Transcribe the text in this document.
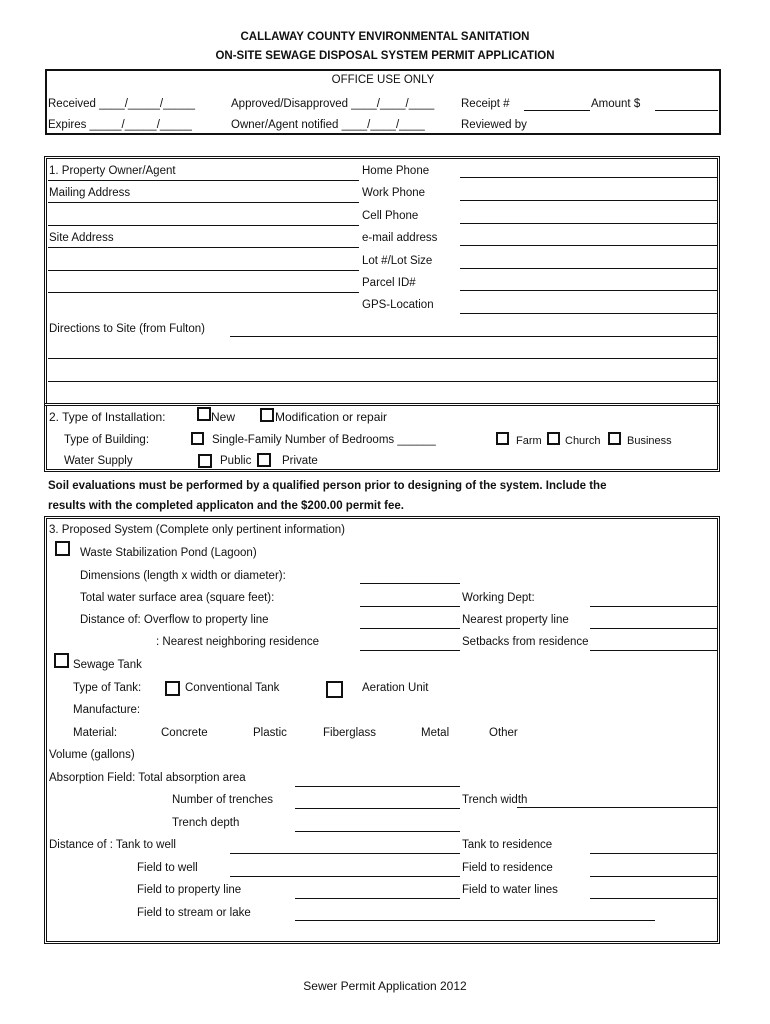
CALLAWAY COUNTY ENVIRONMENTAL SANITATION
ON-SITE SEWAGE DISPOSAL SYSTEM PERMIT APPLICATION
OFFICE USE ONLY
Received ____/_____/_____	Approved/Disapproved ____/____/____ Receipt #	Amount $
Expires _____/_____/_____	Owner/Agent notified ____/____/____	Reviewed by
1. Property Owner/Agent	Home Phone
Mailing Address	Work Phone
Cell Phone
Site Address	e-mail address
Lot #/Lot Size
Parcel ID#
GPS-Location
Directions to Site (from Fulton)
2. Type of Installation:	New	Modification or repair
Type of Building:	Single-Family Number of Bedrooms ______	Farm Church Business
Water Supply	Public	Private
Soil evaluations must be performed by a qualified person prior to designing of the system. Include the
results with the completed applicaton and the $200.00 permit fee.
3. Proposed System (Complete only pertinent information)
Waste Stabilization Pond (Lagoon)
Dimensions (length x width or diameter):
Total water surface area (square feet):	Working Dept:
Distance of: Overflow to property line	Nearest property line
: Nearest neighboring residence	Setbacks from residence
Sewage Tank
Type of Tank:	Conventional Tank	Aeration Unit
Manufacture:
Material:	Concrete	Plastic	Fiberglass	Metal	Other
Volume (gallons)
Absorption Field: Total absorption area
Number of trenches	Trench width
Trench depth
Distance of : Tank to well	Tank to residence
Field to well	Field to residence
Field to property line	Field to water lines
Field to stream or lake
Sewer Permit Application 2012
